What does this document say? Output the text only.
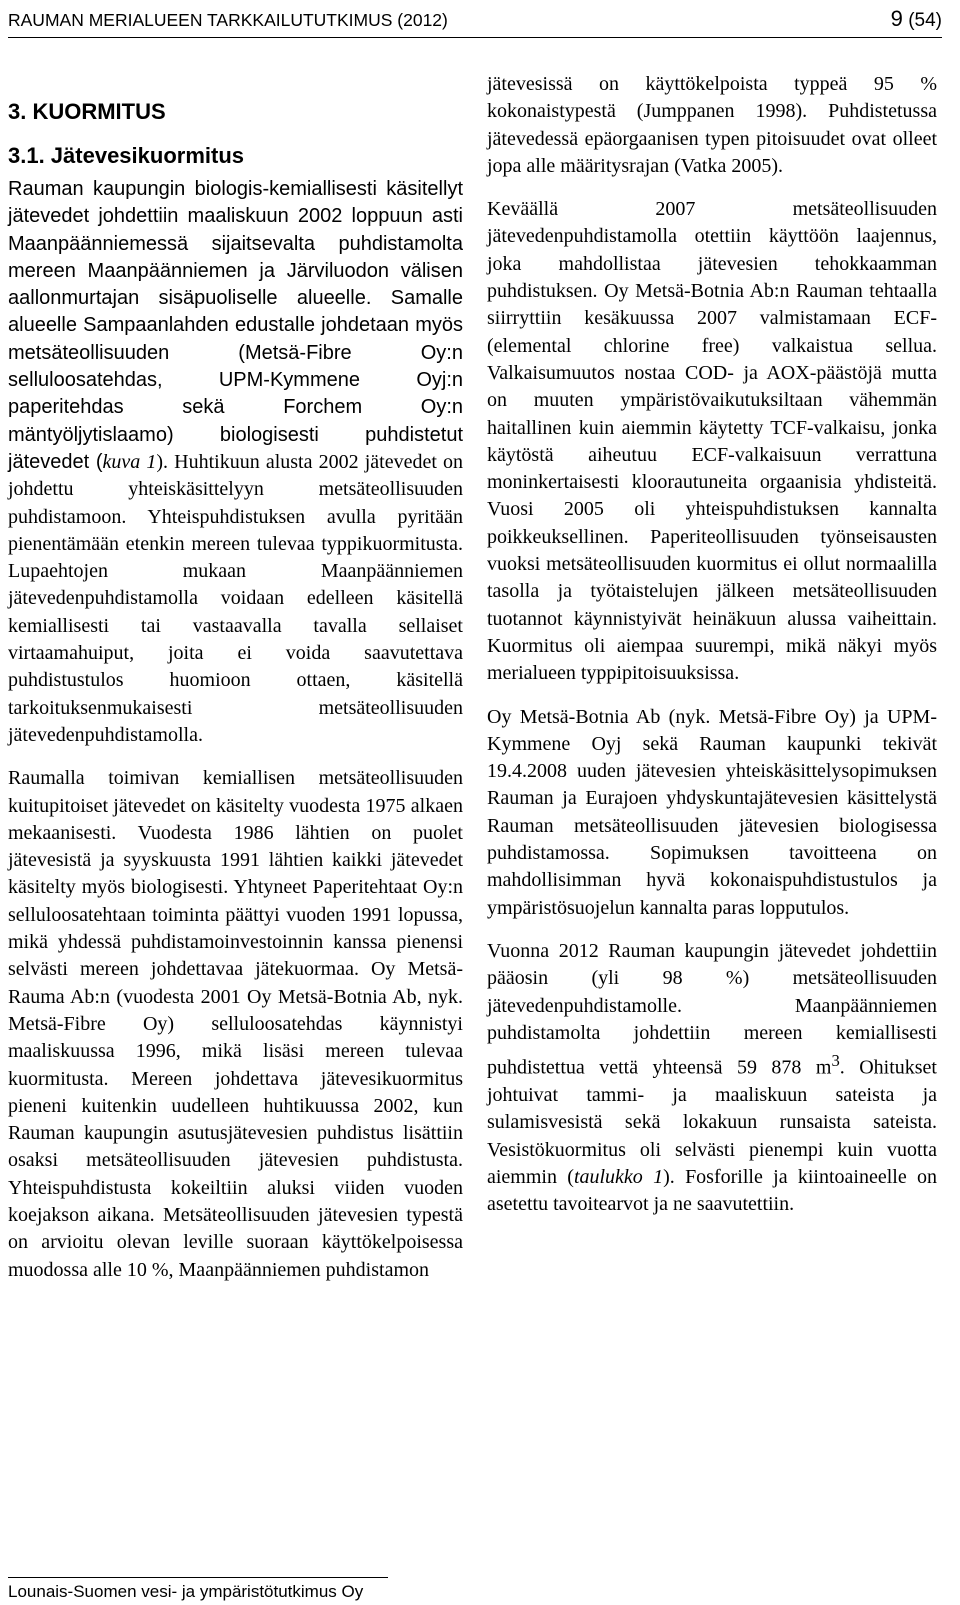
RAUMAN MERIALUEEN TARKKAILUTUTKIMUS (2012)	9 (54)
3. KUORMITUS
3.1. Jätevesikuormitus

Rauman kaupungin biologis-kemiallisesti käsitellyt jätevedet johdettiin maaliskuun 2002 loppuun asti Maanpäänniemessä sijaitsevalta puhdistamolta mereen Maanpäänniemen ja Järviluodon välisen aallonmurtajan sisäpuoliselle alueelle. Samalle alueelle Sampaanlahden edustalle johdetaan myös metsäteollisuuden (Metsä-Fibre Oy:n selluloosatehdas, UPM-Kymmene Oyj:n paperitehdas sekä Forchem Oy:n mäntyöljytislaamo) biologisesti puhdistetut jätevedet (kuva 1). Huhtikuun alusta 2002 jätevedet on johdettu yhteiskäsittelyyn metsäteollisuuden puhdistamoon. Yhteispuhdistuksen avulla pyritään pienentämään etenkin mereen tulevaa typpikuormitusta. Lupaehtojen mukaan Maanpäänniemen jätevedenpuhdistamolla voidaan edelleen käsitellä kemiallisesti tai vastaavalla tavalla sellaiset virtaamahuiput, joita ei voida saavutettava puhdistustulos huomioon ottaen, käsitellä tarkoituksenmukaisesti metsäteollisuuden jätevedenpuhdistamolla.

Raumalla toimivan kemiallisen metsäteollisuuden kuitupitoiset jätevedet on käsitelty vuodesta 1975 alkaen mekaanisesti. Vuodesta 1986 lähtien on puolet jätevesistä ja syyskuusta 1991 lähtien kaikki jätevedet käsitelty myös biologisesti. Yhtyneet Paperitehtaat Oy:n selluloosatehtaan toiminta päättyi vuoden 1991 lopussa, mikä yhdessä puhdistamoinvestoinnin kanssa pienensi selvästi mereen johdettavaa jätekuormaa. Oy Metsä-Rauma Ab:n (vuodesta 2001 Oy Metsä-Botnia Ab, nyk. Metsä-Fibre Oy) selluloosatehdas käynnistyi maaliskuussa 1996, mikä lisäsi mereen tulevaa kuormitusta. Mereen johdettava jätevesikuormitus pieneni kuitenkin uudelleen huhtikuussa 2002, kun Rauman kaupungin asutusjätevesien puhdistus lisättiin osaksi metsäteollisuuden jätevesien puhdistusta. Yhteispuhdistusta kokeiltiin aluksi viiden vuoden koejakson aikana. Metsäteollisuuden jätevesien typestä on arvioitu olevan leville suoraan käyttökelpoisessa muodossa alle 10 %, Maanpäänniemen puhdistamon

jätevesissä on käyttökelpoista typpeä 95 % kokonaistypestä (Jumppanen 1998). Puhdistetussa jätevedessä epäorgaanisen typen pitoisuudet ovat olleet jopa alle määritysrajan (Vatka 2005).

Keväällä 2007 metsäteollisuuden jätevedenpuhdistamolla otettiin käyttöön laajennus, joka mahdollistaa jätevesien tehokkaamman puhdistuksen. Oy Metsä-Botnia Ab:n Rauman tehtaalla siirryttiin kesäkuussa 2007 valmistamaan ECF-(elemental chlorine free) valkaistua sellua. Valkaisumuutos nostaa COD- ja AOX-päästöjä mutta on muuten ympäristövaikutuksiltaan vähemmän haitallinen kuin aiemmin käytetty TCF-valkaisu, jonka käytöstä aiheutuu ECF-valkaisuun verrattuna moninkertaisesti kloorautuneita orgaanisia yhdisteitä. Vuosi 2005 oli yhteispuhdistuksen kannalta poikkeuksellinen. Paperiteollisuuden työnseisausten vuoksi metsäteollisuuden kuormitus ei ollut normaalilla tasolla ja työtaistelujen jälkeen metsäteollisuuden tuotannot käynnistyivät heinäkuun alussa vaiheittain. Kuormitus oli aiempaa suurempi, mikä näkyi myös merialueen typpipitoisuuksissa.

Oy Metsä-Botnia Ab (nyk. Metsä-Fibre Oy) ja UPM-Kymmene Oyj sekä Rauman kaupunki tekivät 19.4.2008 uuden jätevesien yhteiskäsittelysopimuksen Rauman ja Eurajoen yhdyskuntajätevesien käsittelystä Rauman metsäteollisuuden jätevesien biologisessa puhdistamossa. Sopimuksen tavoitteena on mahdollisimman hyvä kokonaispuhdistustulos ja ympäristösuojelun kannalta paras lopputulos.

Vuonna 2012 Rauman kaupungin jätevedet johdettiin pääosin (yli 98 %) metsäteollisuuden jätevedenpuhdistamolle. Maanpäänniemen puhdistamolta johdettiin mereen kemiallisesti puhdistettua vettä yhteensä 59 878 $m^3$. Ohitukset johtuivat tammi- ja maaliskuun sateista ja sulamisvesistä sekä lokakuun runsaista sateista. Vesistökuormitus oli selvästi pienempi kuin vuotta aiemmin (taulukko 1). Fosforille ja kiintoaineelle on asetettu tavoitearvot ja ne saavutettiin.

Lounais-Suomen vesi- ja ympäristötutkimus Oy
